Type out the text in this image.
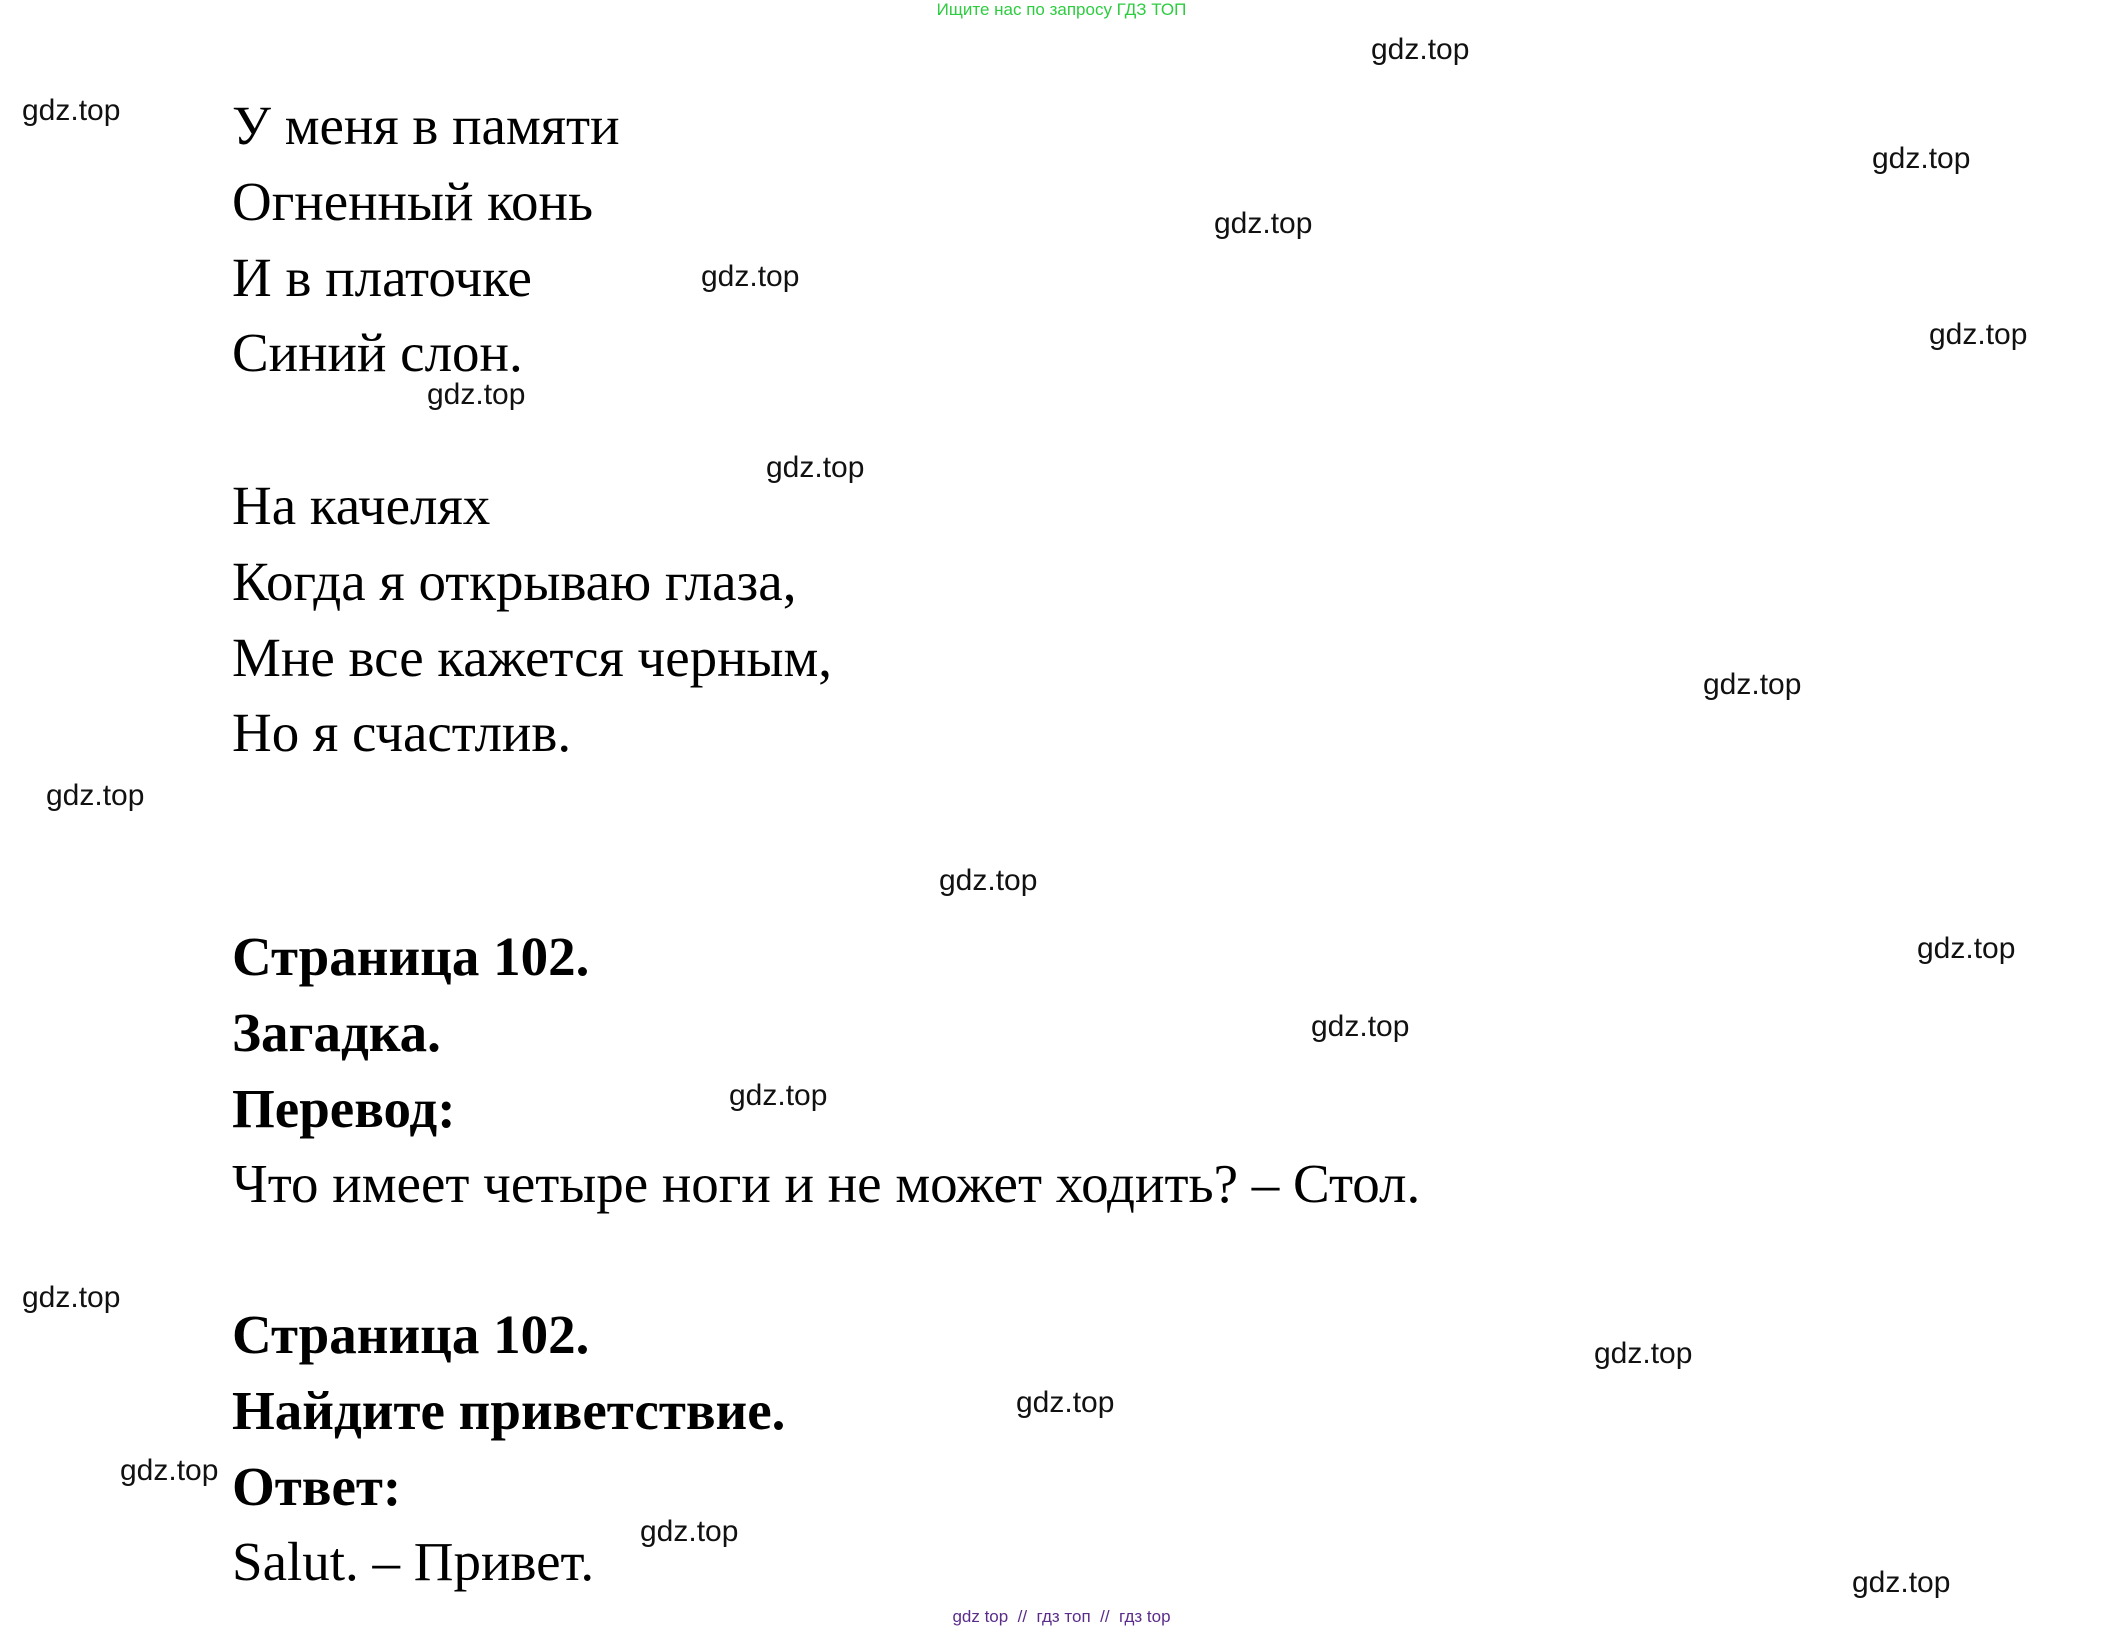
Ищите нас по запросу ГДЗ ТОП
У меня в памяти
Огненный конь
И в платочке
Синий слон.
На качелях
Когда я открываю глаза,
Мне все кажется черным,
Но я счастлив.
Страница 102.
Загадка.
Перевод:
Что имеет четыре ноги и не может ходить? – Стол.
Страница 102.
Найдите приветствие.
Ответ:
Salut. – Привет.
gdz.top
gdz.top
gdz.top
gdz.top
gdz.top
gdz.top
gdz.top
gdz.top
gdz.top
gdz.top
gdz.top
gdz.top
gdz.top
gdz.top
gdz.top
gdz.top
gdz.top
gdz.top
gdz.top
gdz.top
gdz top  //  гдз топ  //  гдз top
